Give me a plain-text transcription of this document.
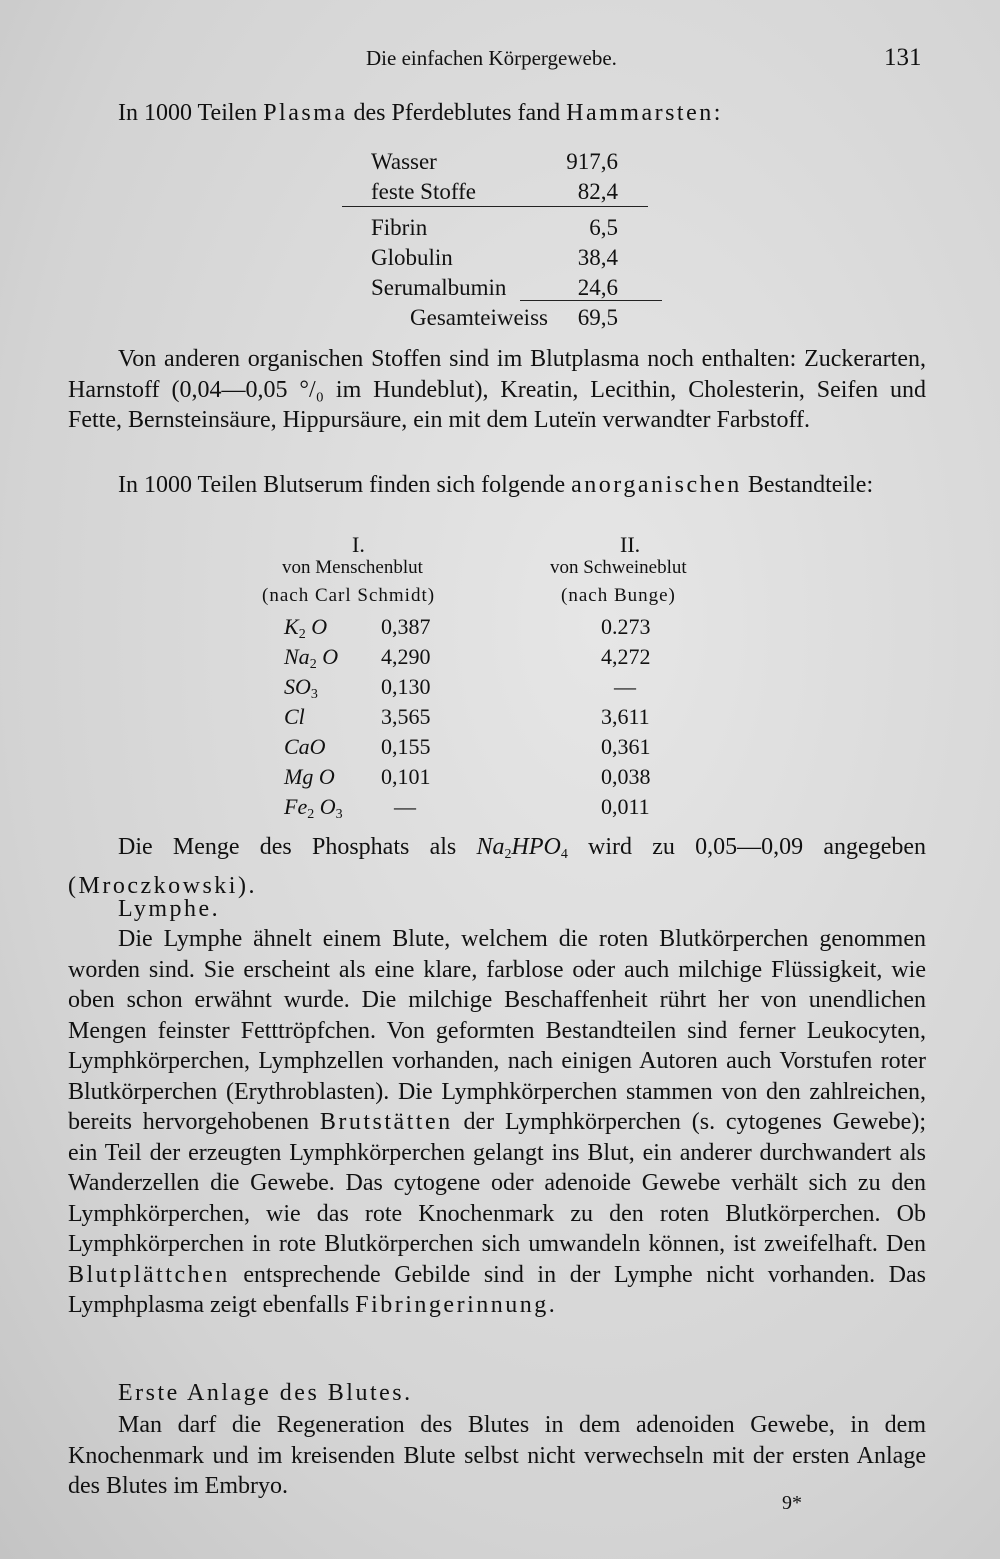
Die einfachen Körpergewebe.	131
In 1000 Teilen Plasma des Pferdeblutes fand Hammarsten:
Wasser	917,6
feste Stoffe	82,4
Fibrin	6,5
Globulin	38,4
Serumalbumin	24,6
Gesamteiweiss	69,5

Von anderen organischen Stoffen sind im Blutplasma noch enthalten: Zuckerarten, Harnstoff (0,04—0,05 °/₀ im Hundeblut), Kreatin, Lecithin, Cholesterin, Seifen und Fette, Bernsteinsäure, Hippursäure, ein mit dem Luteïn verwandter Farbstoff.

In 1000 Teilen Blutserum finden sich folgende anorganischen Bestandteile:

I.	II.
von Menschenblut	von Schweineblut
(nach Carl Schmidt)	(nach Bunge)
$K_2$ O 0,387	0.273
$Na_2$ O 4,290	4,272
$SO_3$	0,130	—
Cl	3,565	3,611
CaO	0,155	0,361
Mg O 0,101	0,038
$Fe_2$ $O_3$ —	0,011

Die Menge des Phosphats als $Na_2HPO_4$ wird zu 0,05—0,09 angegeben (Mroczkowski).

Lymphe.

Die Lymphe ähnelt einem Blute, welchem die roten Blutkörperchen genommen worden sind. Sie erscheint als eine klare, farblose oder auch milchige Flüssigkeit, wie oben schon erwähnt wurde. Die milchige Beschaffenheit rührt her von unendlichen Mengen feinster Fetttröpfchen. Von geformten Bestandteilen sind ferner Leukocyten, Lymphkörperchen, Lymphzellen vorhanden, nach einigen Autoren auch Vorstufen roter Blutkörperchen (Erythroblasten). Die Lymphkörperchen stammen von den zahlreichen, bereits hervorgehobenen Brutstätten der Lymphkörperchen (s. cytogenes Gewebe); ein Teil der erzeugten Lymphkörperchen gelangt ins Blut, ein anderer durchwandert als Wanderzellen die Gewebe. Das cytogene oder adenoide Gewebe verhält sich zu den Lymphkörperchen, wie das rote Knochenmark zu den roten Blutkörperchen. Ob Lymphkörperchen in rote Blutkörperchen sich umwandeln können, ist zweifelhaft. Den Blutplättchen entsprechende Gebilde sind in der Lymphe nicht vorhanden. Das Lymphplasma zeigt ebenfalls Fibringerinnung.

Erste Anlage des Blutes.

Man darf die Regeneration des Blutes in dem adenoiden Gewebe, in dem Knochenmark und im kreisenden Blute selbst nicht verwechseln mit der ersten Anlage des Blutes im Embryo.

9*
